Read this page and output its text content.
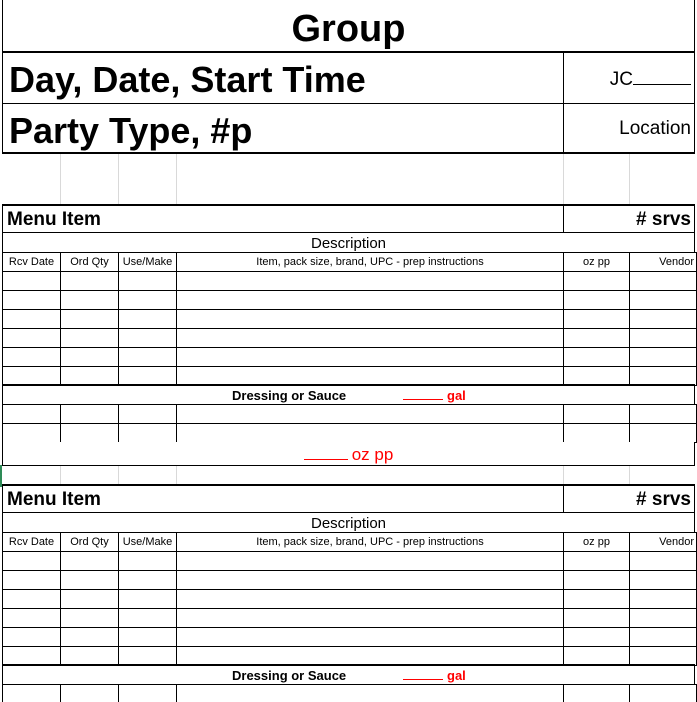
Group
Day, Date, Start Time	JC
Party Type, #p	Location
Menu Item	# srvs
Description
Rcv Date	Ord Qty	Use/Make	Item, pack size, brand, UPC - prep instructions	oz pp	Vendor

Dressing or Sauce	gal

oz pp
Menu Item	# srvs
Description
Rcv Date	Ord Qty	Use/Make	Item, pack size, brand, UPC - prep instructions	oz pp	Vendor

Dressing or Sauce	gal
